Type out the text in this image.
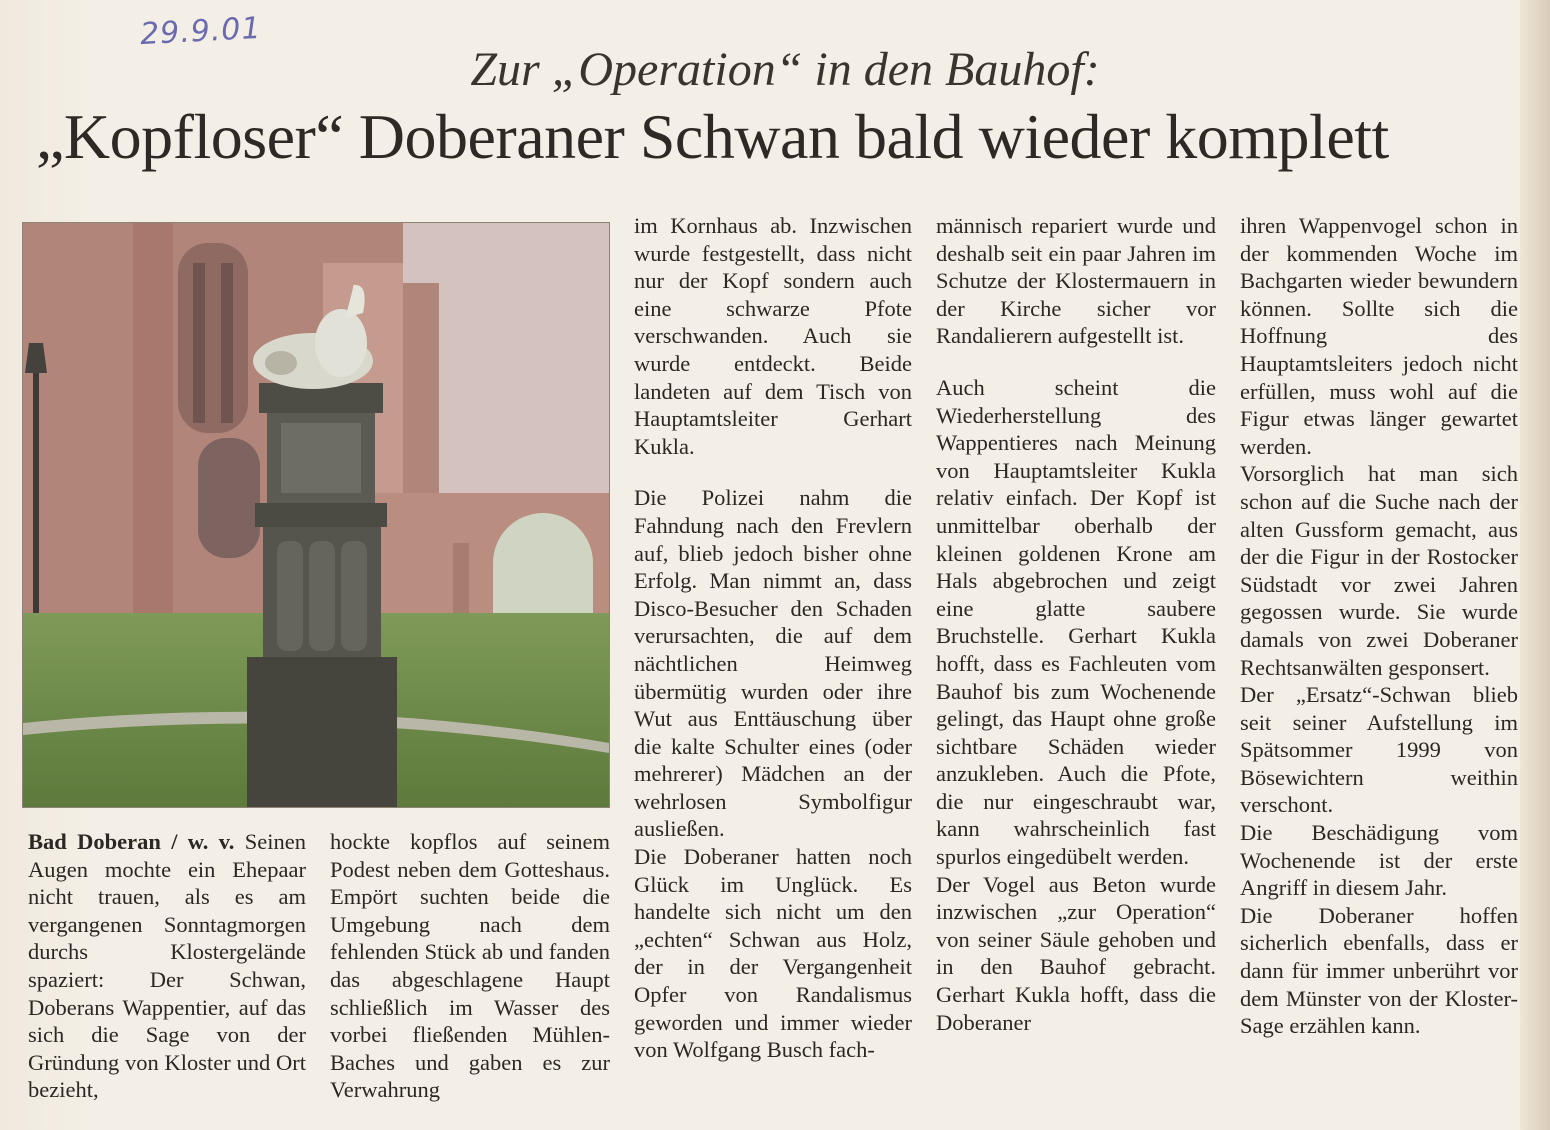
29.9.01
Zur „Operation“ in den Bauhof:
„Kopfloser“ Doberaner Schwan bald wieder komplett

Bad Doberan / w. v. Seinen Augen mochte ein Ehepaar nicht trauen, als es am vergangenen Sonntagmorgen durchs Klostergelände spaziert: Der Schwan, Doberans Wappentier, auf das sich die Sage von der Gründung von Kloster und Ort bezieht,

hockte kopflos auf seinem Podest neben dem Gotteshaus. Empört suchten beide die Umgebung nach dem fehlenden Stück ab und fanden das abgeschlagene Haupt schließlich im Wasser des vorbei fließenden Mühlen-Baches und gaben es zur Verwahrung

im Kornhaus ab. Inzwischen wurde festgestellt, dass nicht nur der Kopf sondern auch eine schwarze Pfote verschwanden. Auch sie wurde entdeckt. Beide landeten auf dem Tisch von Hauptamtsleiter Gerhart Kukla.

Die Polizei nahm die Fahndung nach den Frevlern auf, blieb jedoch bisher ohne Erfolg. Man nimmt an, dass Disco-Besucher den Schaden verursachten, die auf dem nächtlichen Heimweg übermütig wurden oder ihre Wut aus Enttäuschung über die kalte Schulter eines (oder mehrerer) Mädchen an der wehrlosen Symbolfigur ausließen.

Die Doberaner hatten noch Glück im Unglück. Es handelte sich nicht um den „echten“ Schwan aus Holz, der in der Vergangenheit Opfer von Randalismus geworden und immer wieder von Wolfgang Busch fach-

männisch repariert wurde und deshalb seit ein paar Jahren im Schutze der Klostermauern in der Kirche sicher vor Randalierern aufgestellt ist.

Auch scheint die Wiederherstellung des Wappentieres nach Meinung von Hauptamtsleiter Kukla relativ einfach. Der Kopf ist unmittelbar oberhalb der kleinen goldenen Krone am Hals abgebrochen und zeigt eine glatte saubere Bruchstelle. Gerhart Kukla hofft, dass es Fachleuten vom Bauhof bis zum Wochenende gelingt, das Haupt ohne große sichtbare Schäden wieder anzukleben. Auch die Pfote, die nur eingeschraubt war, kann wahrscheinlich fast spurlos eingedübelt werden.

Der Vogel aus Beton wurde inzwischen „zur Operation“ von seiner Säule gehoben und in den Bauhof gebracht. Gerhart Kukla hofft, dass die Doberaner

ihren Wappenvogel schon in der kommenden Woche im Bachgarten wieder bewundern können. Sollte sich die Hoffnung des Hauptamtsleiters jedoch nicht erfüllen, muss wohl auf die Figur etwas länger gewartet werden.

Vorsorglich hat man sich schon auf die Suche nach der alten Gussform gemacht, aus der die Figur in der Rostocker Südstadt vor zwei Jahren gegossen wurde. Sie wurde damals von zwei Doberaner Rechtsanwälten gesponsert.

Der „Ersatz“-Schwan blieb seit seiner Aufstellung im Spätsommer 1999 von Bösewichtern weithin verschont.

Die Beschädigung vom Wochenende ist der erste Angriff in diesem Jahr.

Die Doberaner hoffen sicherlich ebenfalls, dass er dann für immer unberührt vor dem Münster von der Kloster-Sage erzählen kann.
